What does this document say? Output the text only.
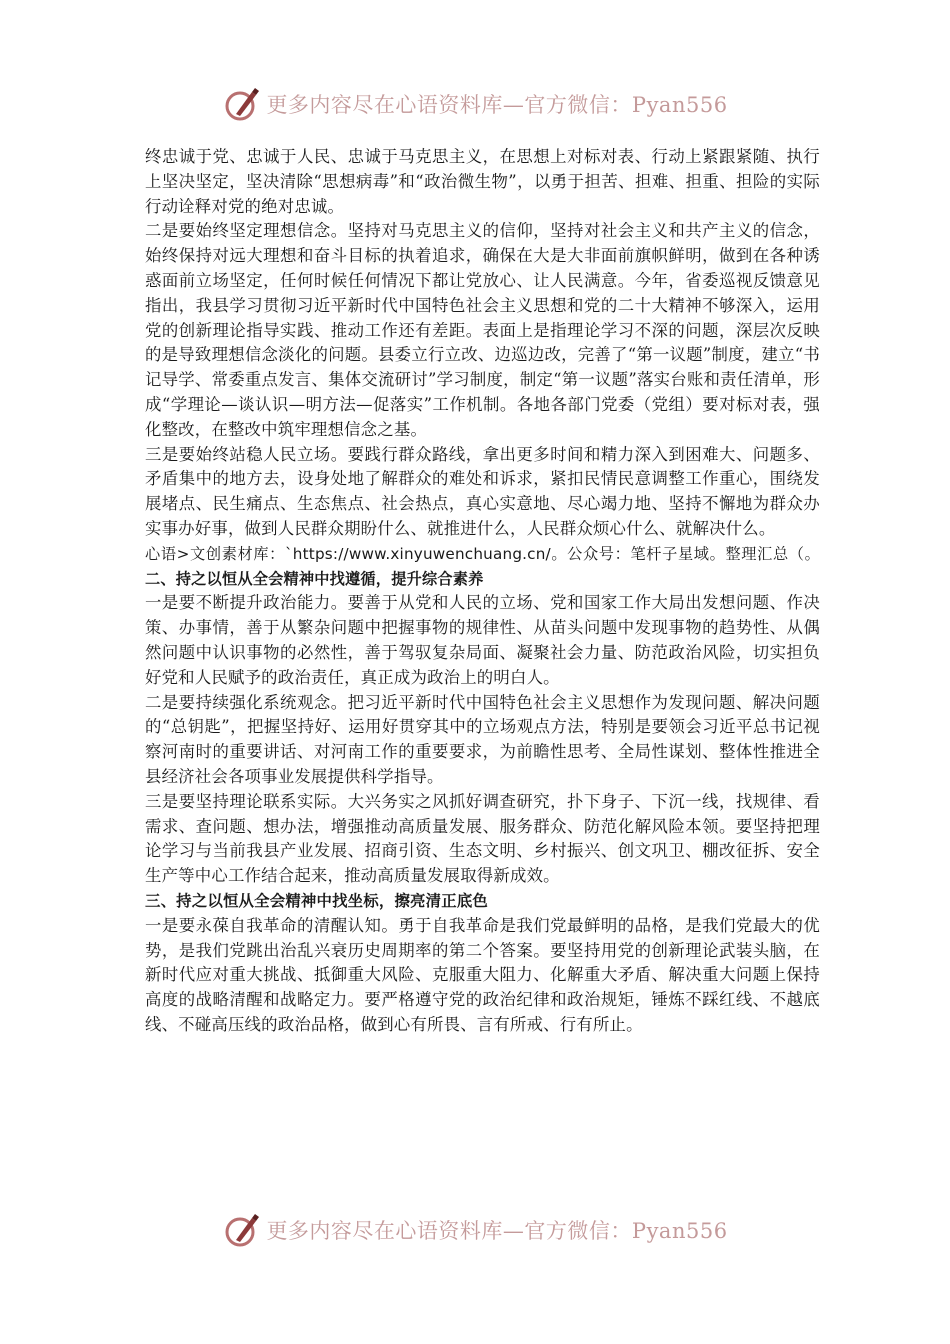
更多内容尽在心语资料库—官方微信：Pyan556

终忠诚于党、忠诚于人民、忠诚于马克思主义，在思想上对标对表、行动上紧跟紧随、执行上坚决坚定，坚决清除“思想病毒”和“政治微生物”，以勇于担苦、担难、担重、担险的实际行动诠释对党的绝对忠诚。

二是要始终坚定理想信念。坚持对马克思主义的信仰，坚持对社会主义和共产主义的信念，始终保持对远大理想和奋斗目标的执着追求，确保在大是大非面前旗帜鲜明，做到在各种诱惑面前立场坚定，任何时候任何情况下都让党放心、让人民满意。今年，省委巡视反馈意见指出，我县学习贯彻习近平新时代中国特色社会主义思想和党的二十大精神不够深入，运用党的创新理论指导实践、推动工作还有差距。表面上是指理论学习不深的问题，深层次反映的是导致理想信念淡化的问题。县委立行立改、边巡边改，完善了“第一议题”制度，建立“书记导学、常委重点发言、集体交流研讨”学习制度，制定“第一议题”落实台账和责任清单，形成“学理论—谈认识—明方法—促落实”工作机制。各地各部门党委（党组）要对标对表，强化整改，在整改中筑牢理想信念之基。

三是要始终站稳人民立场。要践行群众路线，拿出更多时间和精力深入到困难大、问题多、矛盾集中的地方去，设身处地了解群众的难处和诉求，紧扣民情民意调整工作重心，围绕发展堵点、民生痛点、生态焦点、社会热点，真心实意地、尽心竭力地、坚持不懈地为群众办实事办好事，做到人民群众期盼什么、就推进什么，人民群众烦心什么、就解决什么。

心语>文创素材库：`https://www.xinyuwenchuang.cn/。公众号：笔杆子星域。整理汇总（。二、持之以恒从全会精神中找遵循，提升综合素养

一是要不断提升政治能力。要善于从党和人民的立场、党和国家工作大局出发想问题、作决策、办事情，善于从繁杂问题中把握事物的规律性、从苗头问题中发现事物的趋势性、从偶然问题中认识事物的必然性，善于驾驭复杂局面、凝聚社会力量、防范政治风险，切实担负好党和人民赋予的政治责任，真正成为政治上的明白人。

二是要持续强化系统观念。把习近平新时代中国特色社会主义思想作为发现问题、解决问题的“总钥匙”，把握坚持好、运用好贯穿其中的立场观点方法，特别是要领会习近平总书记视察河南时的重要讲话、对河南工作的重要要求，为前瞻性思考、全局性谋划、整体性推进全县经济社会各项事业发展提供科学指导。

三是要坚持理论联系实际。大兴务实之风抓好调查研究，扑下身子、下沉一线，找规律、看需求、查问题、想办法，增强推动高质量发展、服务群众、防范化解风险本领。要坚持把理论学习与当前我县产业发展、招商引资、生态文明、乡村振兴、创文巩卫、棚改征拆、安全生产等中心工作结合起来，推动高质量发展取得新成效。

三、持之以恒从全会精神中找坐标，擦亮清正底色

一是要永葆自我革命的清醒认知。勇于自我革命是我们党最鲜明的品格，是我们党最大的优势，是我们党跳出治乱兴衰历史周期率的第二个答案。要坚持用党的创新理论武装头脑，在新时代应对重大挑战、抵御重大风险、克服重大阻力、化解重大矛盾、解决重大问题上保持高度的战略清醒和战略定力。要严格遵守党的政治纪律和政治规矩，锤炼不踩红线、不越底线、不碰高压线的政治品格，做到心有所畏、言有所戒、行有所止。

更多内容尽在心语资料库—官方微信：Pyan556
